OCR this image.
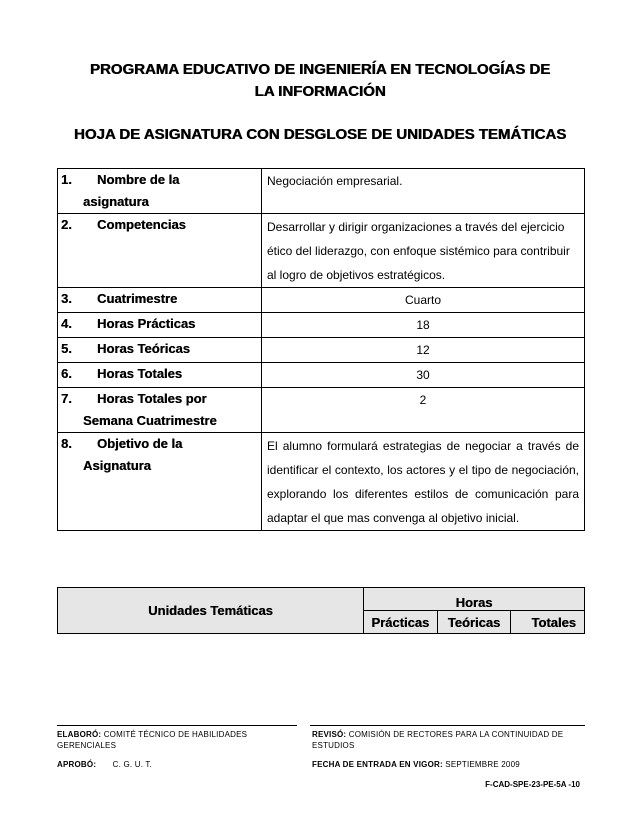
PROGRAMA EDUCATIVO DE INGENIERÍA EN TECNOLOGÍAS DE
LA INFORMACIÓN
HOJA DE ASIGNATURA CON DESGLOSE DE UNIDADES TEMÁTICAS
1. Nombre de la
asignatura	Negociación empresarial.
2. Competencias	Desarrollar y dirigir organizaciones a través del ejercicio ético del liderazgo, con enfoque sistémico para contribuir al logro de objetivos estratégicos.
3. Cuatrimestre	Cuarto
4. Horas Prácticas	18
5. Horas Teóricas	12
6. Horas Totales	30
7. Horas Totales por
Semana Cuatrimestre	2
8. Objetivo de la
Asignatura	El alumno formulará estrategias de negociar a través de identificar el contexto, los actores y el tipo de negociación, explorando los diferentes estilos de comunicación para adaptar el que mas convenga al objetivo inicial.
Unidades Temáticas	Horas		
	Prácticas	Teóricas	Totales
ELABORÓ: COMITÉ TÉCNICO DE HABILIDADES GERENCIALES
REVISÓ: COMISIÓN DE RECTORES PARA LA CONTINUIDAD DE ESTUDIOS
APROBÓ: C. G. U. T.	FECHA DE ENTRADA EN VIGOR: SEPTIEMBRE 2009
F-CAD-SPE-23-PE-5A -10
